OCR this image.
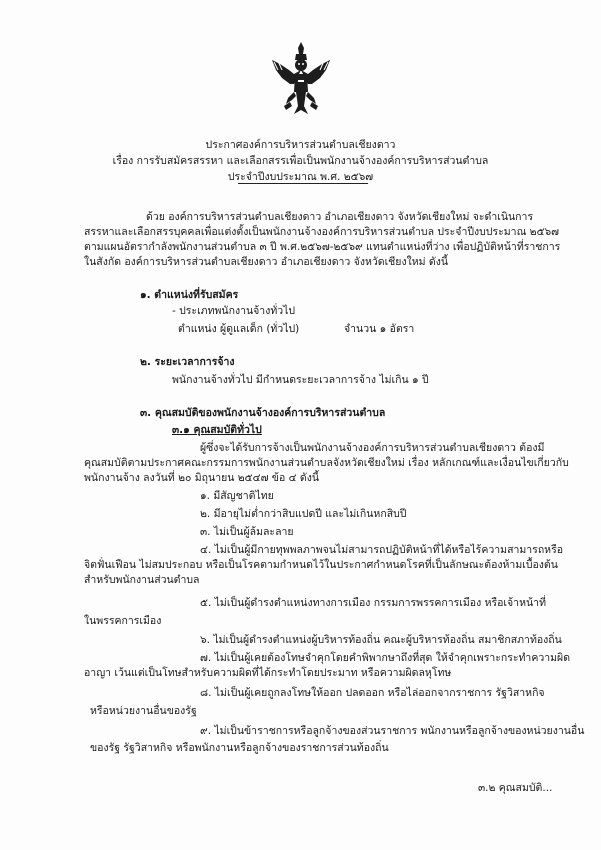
ประกาศองค์การบริหารส่วนตำบลเชียงดาว
เรื่อง การรับสมัครสรรหา และเลือกสรรเพื่อเป็นพนักงานจ้างองค์การบริหารส่วนตำบล
ประจำปีงบประมาณ พ.ศ. ๒๕๖๗
ด้วย องค์การบริหารส่วนตำบลเชียงดาว อำเภอเชียงดาว จังหวัดเชียงใหม่ จะดำเนินการ
สรรหาและเลือกสรรบุคคลเพื่อแต่งตั้งเป็นพนักงานจ้างองค์การบริหารส่วนตำบล ประจำปีงบประมาณ ๒๕๖๗
ตามแผนอัตรากำลังพนักงานส่วนตำบล ๓ ปี พ.ศ.๒๕๖๗-๒๕๖๙ แทนตำแหน่งที่ว่าง เพื่อปฏิบัติหน้าที่ราชการ
ในสังกัด องค์การบริหารส่วนตำบลเชียงดาว อำเภอเชียงดาว จังหวัดเชียงใหม่ ดังนี้
๑. ตำแหน่งที่รับสมัคร
- ประเภทพนักงานจ้างทั่วไป
ตำแหน่ง ผู้ดูแลเด็ก (ทั่วไป)	จำนวน ๑ อัตรา
๒. ระยะเวลาการจ้าง
พนักงานจ้างทั่วไป มีกำหนดระยะเวลาการจ้าง ไม่เกิน ๑ ปี
๓. คุณสมบัติของพนักงานจ้างองค์การบริหารส่วนตำบล
๓.๑ คุณสมบัติทั่วไป
ผู้ซึ่งจะได้รับการจ้างเป็นพนักงานจ้างองค์การบริหารส่วนตำบลเชียงดาว ต้องมี
คุณสมบัติตามประกาศคณะกรรมการพนักงานส่วนตำบลจังหวัดเชียงใหม่ เรื่อง หลักเกณฑ์และเงื่อนไขเกี่ยวกับ
พนักงานจ้าง ลงวันที่ ๒๐ มิถุนายน ๒๕๔๗ ข้อ ๔ ดังนี้
๑. มีสัญชาติไทย
๒. มีอายุไม่ต่ำกว่าสิบแปดปี และไม่เกินหกสิบปี
๓. ไม่เป็นผู้ล้มละลาย
๔. ไม่เป็นผู้มีกายทุพพลภาพจนไม่สามารถปฏิบัติหน้าที่ได้หรือไร้ความสามารถหรือ
จิตฟั่นเฟือน ไม่สมประกอบ หรือเป็นโรคตามกำหนดไว้ในประกาศกำหนดโรคที่เป็นลักษณะต้องห้ามเบื้องต้น
สำหรับพนักงานส่วนตำบล
๕. ไม่เป็นผู้ดำรงตำแหน่งทางการเมือง กรรมการพรรคการเมือง หรือเจ้าหน้าที่
ในพรรคการเมือง
๖. ไม่เป็นผู้ดำรงตำแหน่งผู้บริหารท้องถิ่น คณะผู้บริหารท้องถิ่น สมาชิกสภาท้องถิ่น
๗. ไม่เป็นผู้เคยต้องโทษจำคุกโดยคำพิพากษาถึงที่สุด ให้จำคุกเพราะกระทำความผิด
อาญา เว้นแต่เป็นโทษสำหรับความผิดที่ได้กระทำโดยประมาท หรือความผิดลหุโทษ
๘. ไม่เป็นผู้เคยถูกลงโทษให้ออก ปลดออก หรือไล่ออกจากราชการ รัฐวิสาหกิจ
หรือหน่วยงานอื่นของรัฐ
๙. ไม่เป็นข้าราชการหรือลูกจ้างของส่วนราชการ พนักงานหรือลูกจ้างของหน่วยงานอื่น
ของรัฐ รัฐวิสาหกิจ หรือพนักงานหรือลูกจ้างของราชการส่วนท้องถิ่น
๓.๒ คุณสมบัติ...
